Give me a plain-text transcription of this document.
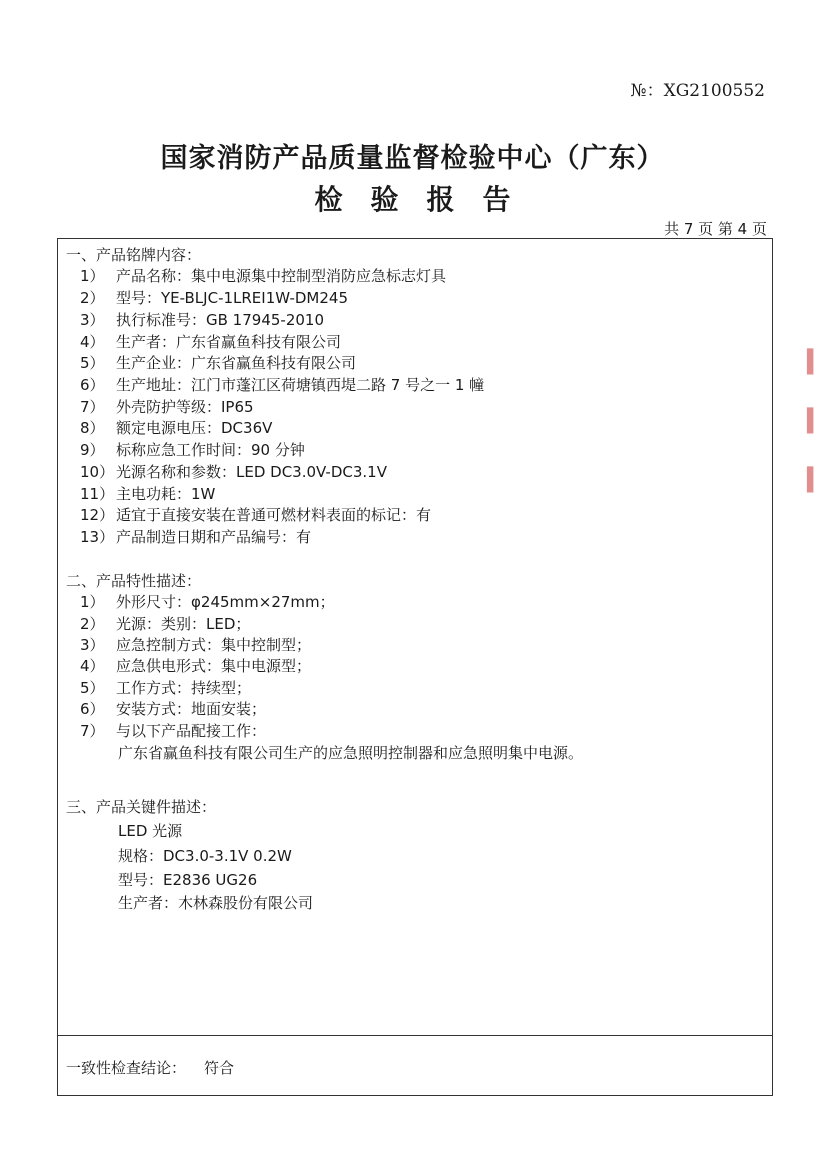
№：XG2100552
国家消防产品质量监督检验中心（广东）
检验报告
共 7 页 第 4 页
一、产品铭牌内容：
1） 产品名称：集中电源集中控制型消防应急标志灯具
2） 型号：YE-BLJC-1LREⅠ1W-DM245
3） 执行标准号：GB 17945-2010
4） 生产者：广东省赢鱼科技有限公司
5） 生产企业：广东省赢鱼科技有限公司
6） 生产地址：江门市蓬江区荷塘镇西堤二路 7 号之一 1 幢
7） 外壳防护等级：IP65
8） 额定电源电压：DC36V
9） 标称应急工作时间：90 分钟
10） 光源名称和参数：LED DC3.0V-DC3.1V
11） 主电功耗：1W
12） 适宜于直接安装在普通可燃材料表面的标记：有
13） 产品制造日期和产品编号：有
二、产品特性描述：
1） 外形尺寸：φ245mm×27mm；
2） 光源：类别：LED；
3） 应急控制方式：集中控制型；
4） 应急供电形式：集中电源型；
5） 工作方式：持续型；
6） 安装方式：地面安装；
7） 与以下产品配接工作：
广东省赢鱼科技有限公司生产的应急照明控制器和应急照明集中电源。
三、产品关键件描述：
LED 光源
规格：DC3.0-3.1V 0.2W
型号：E2836 UG26
生产者：木林森股份有限公司
一致性检查结论： 符合
▍
▍
▍
